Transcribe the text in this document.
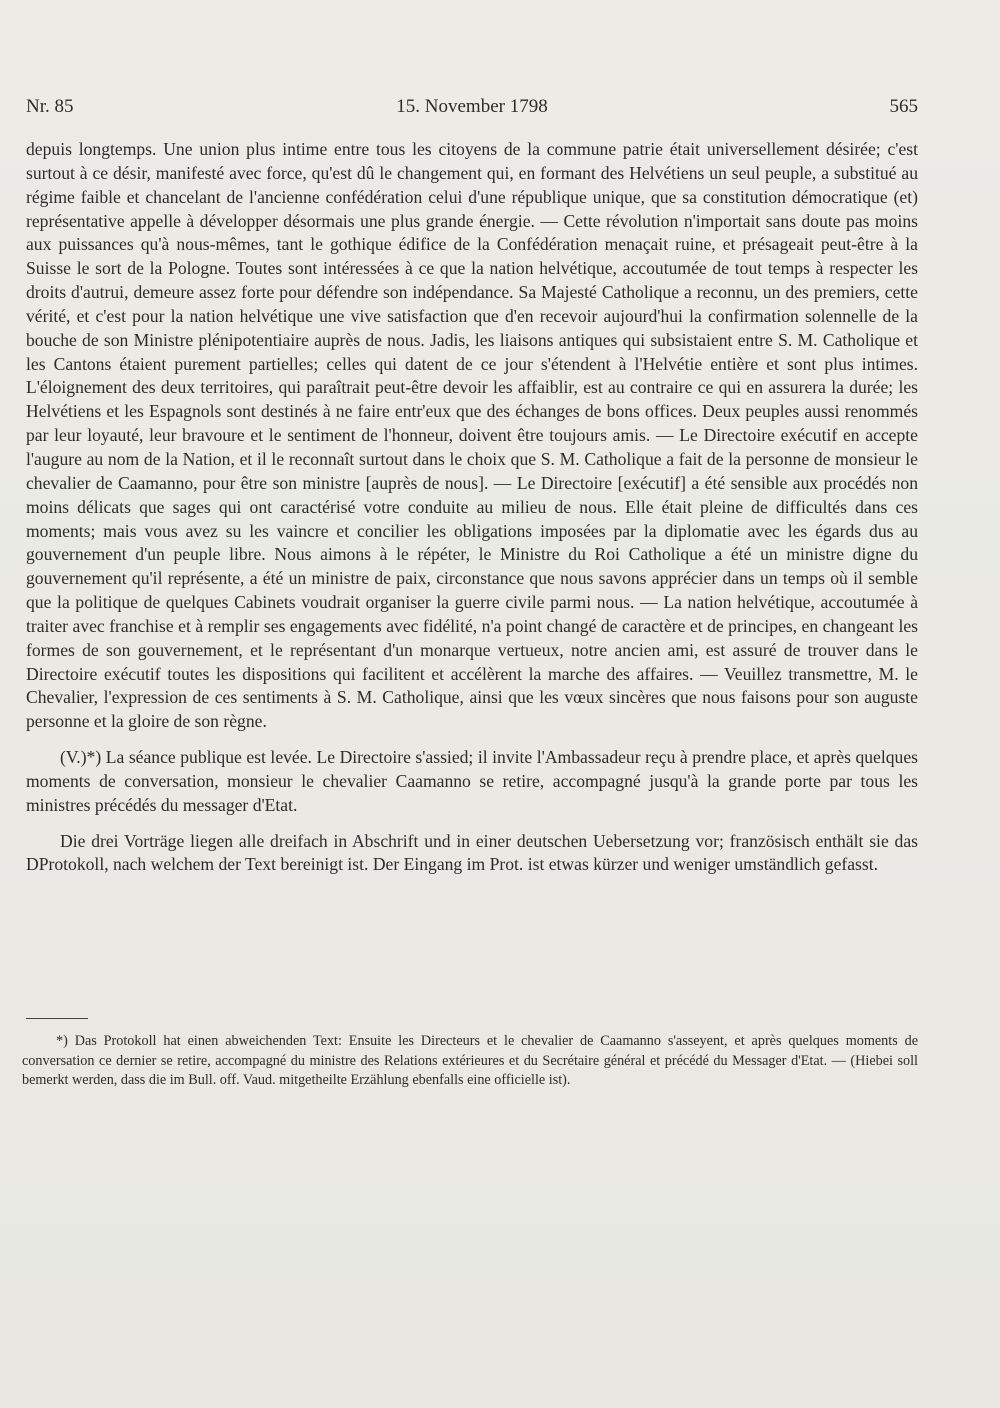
Nr. 85	15. November 1798	565

depuis longtemps. Une union plus intime entre tous les citoyens de la commune patrie était universellement désirée; c'est surtout à ce désir, manifesté avec force, qu'est dû le changement qui, en formant des Helvétiens un seul peuple, a substitué au régime faible et chancelant de l'ancienne confédération celui d'une république unique, que sa constitution démocratique (et) représentative appelle à développer désormais une plus grande énergie. — Cette révolution n'importait sans doute pas moins aux puissances qu'à nous-mêmes, tant le gothique édifice de la Confédération menaçait ruine, et présageait peut-être à la Suisse le sort de la Pologne. Toutes sont intéressées à ce que la nation helvétique, accoutumée de tout temps à respecter les droits d'autrui, demeure assez forte pour défendre son indépendance. Sa Majesté Catholique a reconnu, un des premiers, cette vérité, et c'est pour la nation helvétique une vive satisfaction que d'en recevoir aujourd'hui la confirmation solennelle de la bouche de son Ministre plénipotentiaire auprès de nous. Jadis, les liaisons antiques qui subsistaient entre S. M. Catholique et les Cantons étaient purement partielles; celles qui datent de ce jour s'étendent à l'Helvétie entière et sont plus intimes. L'éloignement des deux territoires, qui paraîtrait peut-être devoir les affaiblir, est au contraire ce qui en assurera la durée; les Helvétiens et les Espagnols sont destinés à ne faire entr'eux que des échanges de bons offices. Deux peuples aussi renommés par leur loyauté, leur bravoure et le sentiment de l'honneur, doivent être toujours amis. — Le Directoire exécutif en accepte l'augure au nom de la Nation, et il le reconnaît surtout dans le choix que S. M. Catholique a fait de la personne de monsieur le chevalier de Caamanno, pour être son ministre [auprès de nous]. — Le Directoire [exécutif] a été sensible aux procédés non moins délicats que sages qui ont caractérisé votre conduite au milieu de nous. Elle était pleine de difficultés dans ces moments; mais vous avez su les vaincre et concilier les obligations imposées par la diplomatie avec les égards dus au gouvernement d'un peuple libre. Nous aimons à le répéter, le Ministre du Roi Catholique a été un ministre digne du gouvernement qu'il représente, a été un ministre de paix, circonstance que nous savons apprécier dans un temps où il semble que la politique de quelques Cabinets voudrait organiser la guerre civile parmi nous. — La nation helvétique, accoutumée à traiter avec franchise et à remplir ses engagements avec fidélité, n'a point changé de caractère et de principes, en changeant les formes de son gouvernement, et le représentant d'un monarque vertueux, notre ancien ami, est assuré de trouver dans le Directoire exécutif toutes les dispositions qui facilitent et accélèrent la marche des affaires. — Veuillez transmettre, M. le Chevalier, l'expression de ces sentiments à S. M. Catholique, ainsi que les vœux sincères que nous faisons pour son auguste personne et la gloire de son règne.

(V.)*) La séance publique est levée. Le Directoire s'assied; il invite l'Ambassadeur reçu à prendre place, et après quelques moments de conversation, monsieur le chevalier Caamanno se retire, accompagné jusqu'à la grande porte par tous les ministres précédés du messager d'Etat.

Die drei Vorträge liegen alle dreifach in Abschrift und in einer deutschen Uebersetzung vor; französisch enthält sie das DProtokoll, nach welchem der Text bereinigt ist. Der Eingang im Prot. ist etwas kürzer und weniger umständlich gefasst.

*) Das Protokoll hat einen abweichenden Text: Ensuite les Directeurs et le chevalier de Caamanno s'asseyent, et après quelques moments de conversation ce dernier se retire, accompagné du ministre des Relations extérieures et du Secrétaire général et précédé du Messager d'Etat. — (Hiebei soll bemerkt werden, dass die im Bull. off. Vaud. mitgetheilte Erzählung ebenfalls eine officielle ist).
